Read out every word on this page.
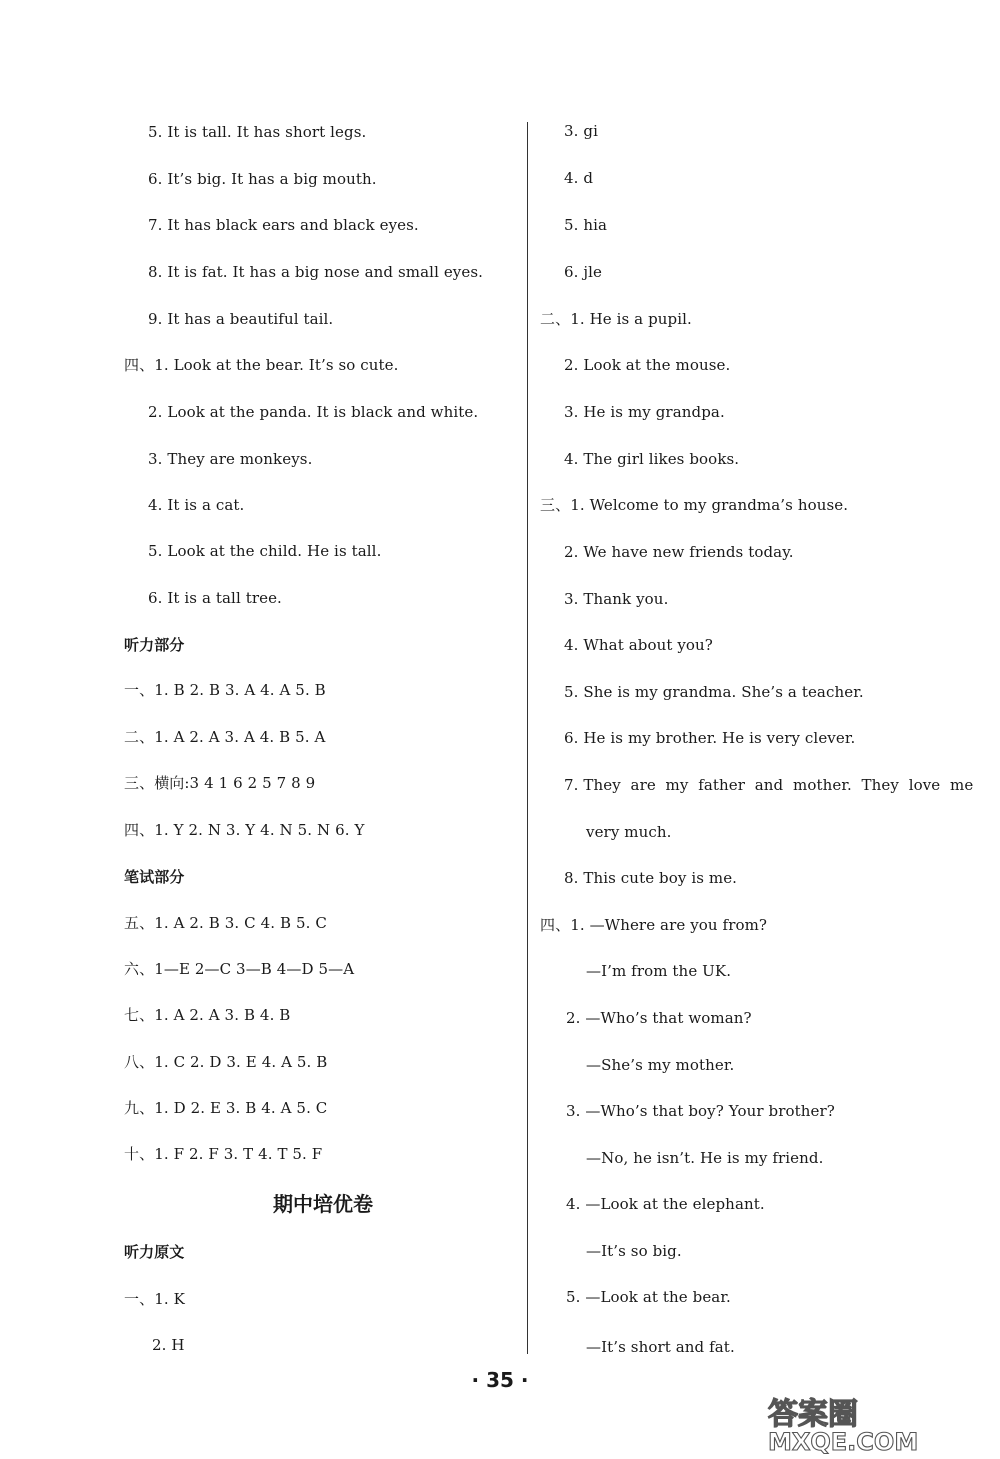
5. It is tall. It has short legs.
6. It’s big. It has a big mouth.
7. It has black ears and black eyes.
8. It is fat. It has a big nose and small eyes.
9. It has a beautiful tail.
四、1. Look at the bear. It’s so cute.
2. Look at the panda. It is black and white.
3. They are monkeys.
4. It is a cat.
5. Look at the child. He is tall.
6. It is a tall tree.
听力部分
一、1. B 2. B 3. A 4. A 5. B
二、1. A 2. A 3. A 4. B 5. A
三、横向:3 4 1 6 2 5 7 8 9
四、1. Y 2. N 3. Y 4. N 5. N 6. Y
笔试部分
五、1. A 2. B 3. C 4. B 5. C
六、1—E 2—C 3—B 4—D 5—A
七、1. A 2. A 3. B 4. B
八、1. C 2. D 3. E 4. A 5. B
九、1. D 2. E 3. B 4. A 5. C
十、1. F 2. F 3. T 4. T 5. F
期中培优卷
听力原文
一、1. K
2. H
3. gi
4. d
5. hia
6. jle
二、1. He is a pupil.
2. Look at the mouse.
3. He is my grandpa.
4. The girl likes books.
三、1. Welcome to my grandma’s house.
2. We have new friends today.
3. Thank you.
4. What about you?
5. She is my grandma. She’s a teacher.
6. He is my brother. He is very clever.
7. They  are  my  father  and  mother.  They  love  me
very much.
8. This cute boy is me.
四、1. —Where are you from?
—I’m from the UK.
2. —Who’s that woman?
—She’s my mother.
3. —Who’s that boy? Your brother?
—No, he isn’t. He is my friend.
4. —Look at the elephant.
—It’s so big.
5. —Look at the bear.
—It’s short and fat.
· 35 ·
答案圈
MXQE.COM
